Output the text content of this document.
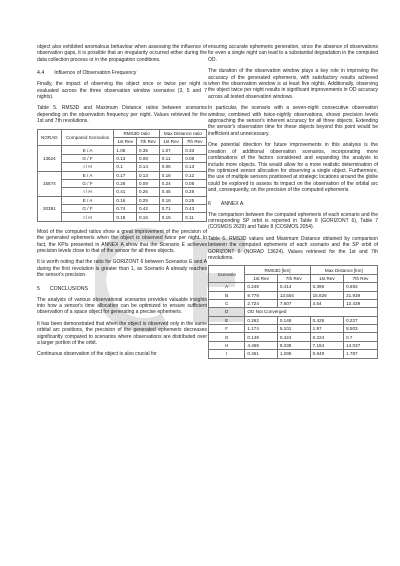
object also exhibited anomalous behaviour when assessing the influence of observation gaps, it is possible that an irregularity occurred either during the data collection process or in the propagation conditions.

4.4 Influence of Observation Frequency

Finally, the impact of observing the object once or twice per night is evaluated across the three observation window scenarios (3, 5 and 7 nights).

Table 5. RMS3D and Maximum Distance ratios between scenarios depending on the observation frequency per night. Values retrieved for the 1st and 7th revolutions.

NORAD	Compared Scenarios	RMS3D ratio		Max Distance ratio	
		1st Rev	7th Rev	1st Rev	7th Rev
13624	E / A	1.05	0.35	1.07	0.33
	G / F	0.13	0.08	0.11	0.08
	I / H	0.1	0.14	0.06	0.13
15574	E / A	0.17	0.13	0.16	0.12
	G / F	0.26	0.09	0.24	0.08
	I / H	0.41	0.26	0.45	0.28
20391	E / A	0.16	0.25	0.16	0.25
	G / F	0.74	0.42	0.71	0.43
	I / H	0.18	0.16	0.15	0.11

Most of the computed ratios show a great improvement of the precision of the generated ephemeris when the object is observed twice per night. In fact, the KPIs presented in ANNEX A show that the Scenario E achieves precision levels close to that of the sensor for all three objects.

It is worth noting that the ratio for GORIZONT 6 between Scenarios E and A during the first revolution is greater than 1, as Scenario A already reaches the sensor's precision.

5 CONCLUSIONS

The analysis of various observational scenarios provides valuable insights into how a sensor's time allocation can be optimized to ensure sufficient observation of a space object for generating a precise ephemeris.

It has been demonstrated that when the object is observed only in the same orbital arc positions, the precision of the generated ephemeris decreases significantly compared to scenarios where observations are distributed over a larger portion of the orbit.

Continuous observation of the object is also crucial for

ensuring accurate ephemeris generation, since the absence of observations for even a single night can lead to a substantial degradation in the computed OD.

The duration of the observation window plays a key role in improving the accuracy of the generated ephemeris, with satisfactory results achieved when the observation window is at least five nights. Additionally, observing the object twice per night results in significant improvements in OD accuracy across all tested observation windows.

In particular, the scenario with a seven-night consecutive observation window, combined with twice-nightly observations, shows precision levels approaching the sensor's inherent accuracy for all three objects. Extending the sensor's observation time for these objects beyond this point would be inefficient and unnecessary.

One potential direction for future improvements in this analysis is the creation of additional observation scenarios, incorporating more combinations of the factors considered and expanding the analysis to include more objects. This would allow for a more realistic determination of the optimized sensor allocation for observing a single object. Furthermore, the use of multiple sensors positioned at strategic locations around the globe could be explored to assess its impact on the observation of the orbital arc and, consequently, on the precision of the computed ephemeris.

6 ANNEX A

The comparison between the computed ephemeris of each scenario and the corresponding SP orbit is reported in Table 6 (GORIZONT 6), Table 7 (COSMOS 2629) and Table 8 (COSMOS 2054).

Table 6. RMS3D values and Maximum Distance obtained by comparison between the computed ephemeris of each scenario and the SP orbit of GORIZONT 6 (NORAD 13624). Values retrieved for the 1st and 7th revolutions.

Scenario	RMS3D [km]		Max Distance [km]	
	1st Rev	7th Rev	1st Rev	7th Rev
A	0.249	0.414	0.396	0.693
B	9.778	13.504	15.826	21.939
C	2.724	7.507	4.54	12.439
D	OD Not Converged			
E	0.262	0.146	0.425	0.227
F	1.174	5.101	1.97	8.503
G	0.149	0.424	0.224	0.7
H	4.469	9.338	7.184	14.037
I	0.451	1.286	0.649	1.787
